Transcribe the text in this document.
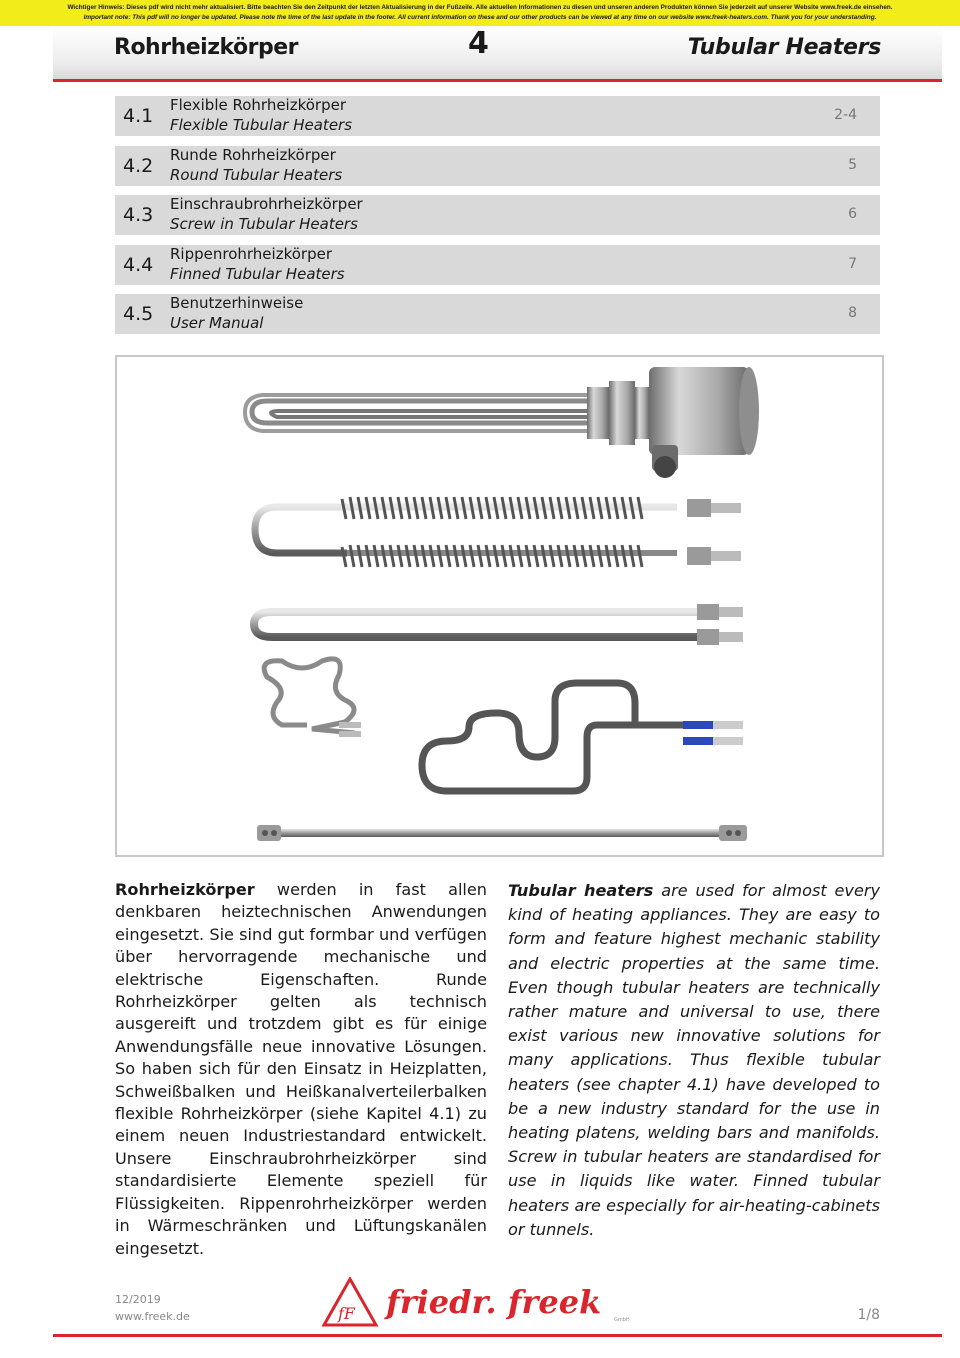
Wichtiger Hinweis: Dieses pdf wird nicht mehr aktualisiert. Bitte beachten Sie den Zeitpunkt der letzten Aktualisierung in der Fußzeile. Alle aktuellen Informationen zu diesen und unseren anderen Produkten können Sie jederzeit auf unserer Website www.freek.de einsehen.
Important note: This pdf will no longer be updated. Please note the time of the last update in the footer. All current information on these and our other products can be viewed at any time on our website www.freek-heaters.com. Thank you for your understanding.
Rohrheizkörper	4	Tubular Heaters
4.1 Flexible Rohrheizkörper
Flexible Tubular Heaters
2-4
4.2 Runde Rohrheizkörper
Round Tubular Heaters
5
4.3 Einschraubrohrheizkörper
Screw in Tubular Heaters
6
4.4 Rippenrohrheizkörper
Finned Tubular Heaters
7
4.5 Benutzerhinweise
User Manual
8
Rohrheizkörper werden in fast allen denkbaren heiztechnischen Anwendungen eingesetzt. Sie sind gut formbar und verfügen über hervorragende mechanische und elektrische Eigenschaften. Runde Rohrheizkörper gelten als technisch ausgereift und trotzdem gibt es für einige Anwendungsfälle neue innovative Lösungen. So haben sich für den Einsatz in Heizplatten, Schweißbalken und Heißkanalverteilerbalken flexible Rohrheizkörper (siehe Kapitel 4.1) zu einem neuen Industriestandard entwickelt. Unsere Einschraubrohrheizkörper sind standardisierte Elemente speziell für Flüssigkeiten. Rippenrohrheizkörper werden in Wärmeschränken und Lüftungskanälen eingesetzt.
Tubular heaters are used for almost every kind of heating appliances. They are easy to form and feature highest mechanic stability and electric properties at the same time. Even though tubular heaters are technically rather mature and universal to use, there exist various new innovative solutions for many applications. Thus flexible tubular heaters (see chapter 4.1) have developed to be a new industry standard for the use in heating platens, welding bars and manifolds. Screw in tubular heaters are standardised for use in liquids like water. Finned tubular heaters are especially for air-heating-cabinets or tunnels.
12/2019
www.freek.de	fF friedr. freek	GmbH	1/8
